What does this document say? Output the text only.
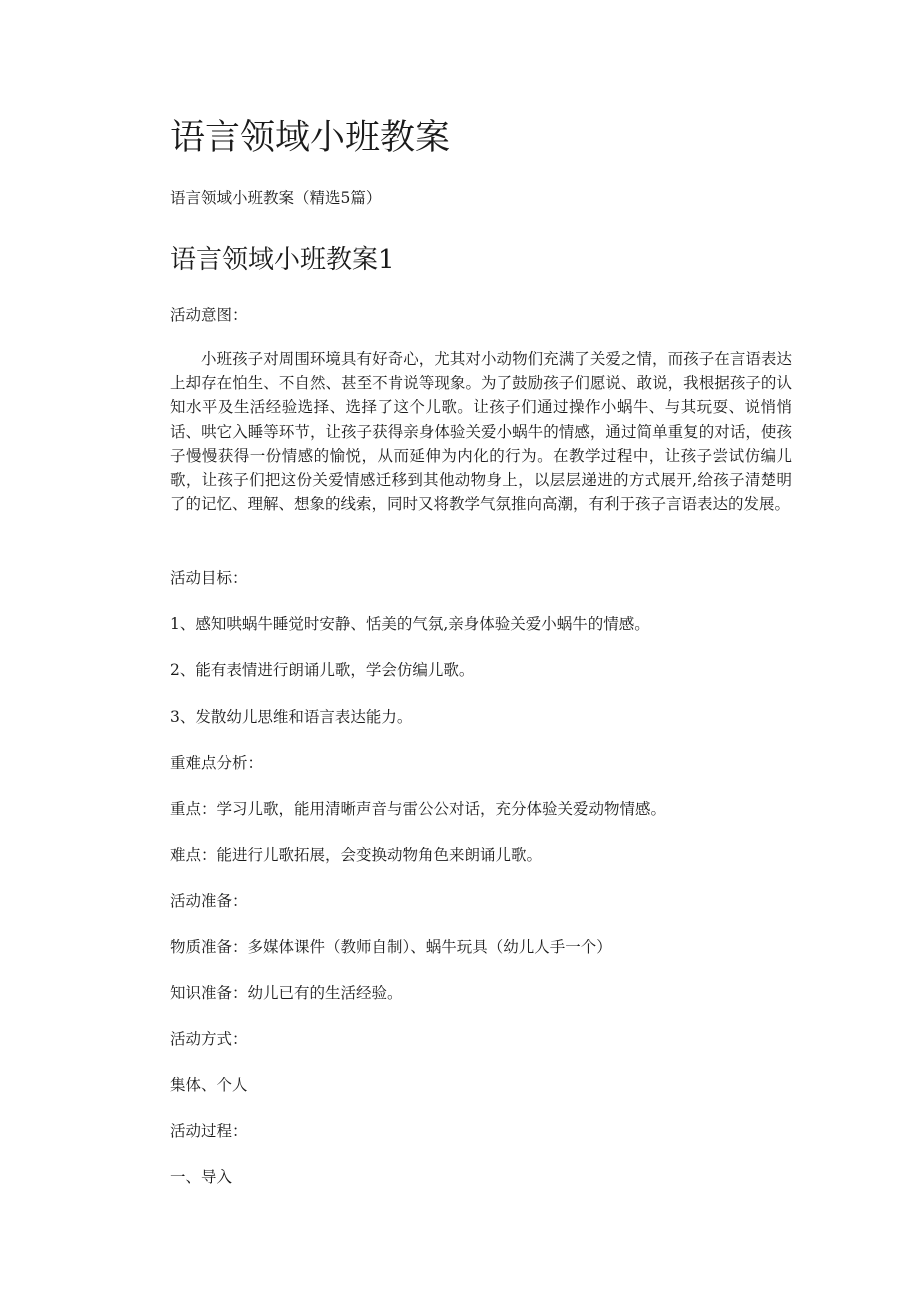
语言领域小班教案
语言领域小班教案（精选5篇）
语言领域小班教案1
活动意图：
小班孩子对周围环境具有好奇心，尤其对小动物们充满了关爱之情，而孩子在言语表达上却存在怕生、不自然、甚至不肯说等现象。为了鼓励孩子们愿说、敢说，我根据孩子的认知水平及生活经验选择、选择了这个儿歌。让孩子们通过操作小蜗牛、与其玩耍、说悄悄话、哄它入睡等环节，让孩子获得亲身体验关爱小蜗牛的情感，通过简单重复的对话，使孩子慢慢获得一份情感的愉悦，从而延伸为内化的行为。在教学过程中，让孩子尝试仿编儿歌，让孩子们把这份关爱情感迁移到其他动物身上，以层层递进的方式展开,给孩子清楚明了的记忆、理解、想象的线索，同时又将教学气氛推向高潮，有利于孩子言语表达的发展。
活动目标：
1、感知哄蜗牛睡觉时安静、恬美的气氛,亲身体验关爱小蜗牛的情感。
2、能有表情进行朗诵儿歌，学会仿编儿歌。
3、发散幼儿思维和语言表达能力。
重难点分析：
重点：学习儿歌，能用清晰声音与雷公公对话，充分体验关爱动物情感。
难点：能进行儿歌拓展，会变换动物角色来朗诵儿歌。
活动准备：
物质准备：多媒体课件（教师自制）、蜗牛玩具（幼儿人手一个）
知识准备：幼儿已有的生活经验。
活动方式：
集体、个人
活动过程：
一、导入
